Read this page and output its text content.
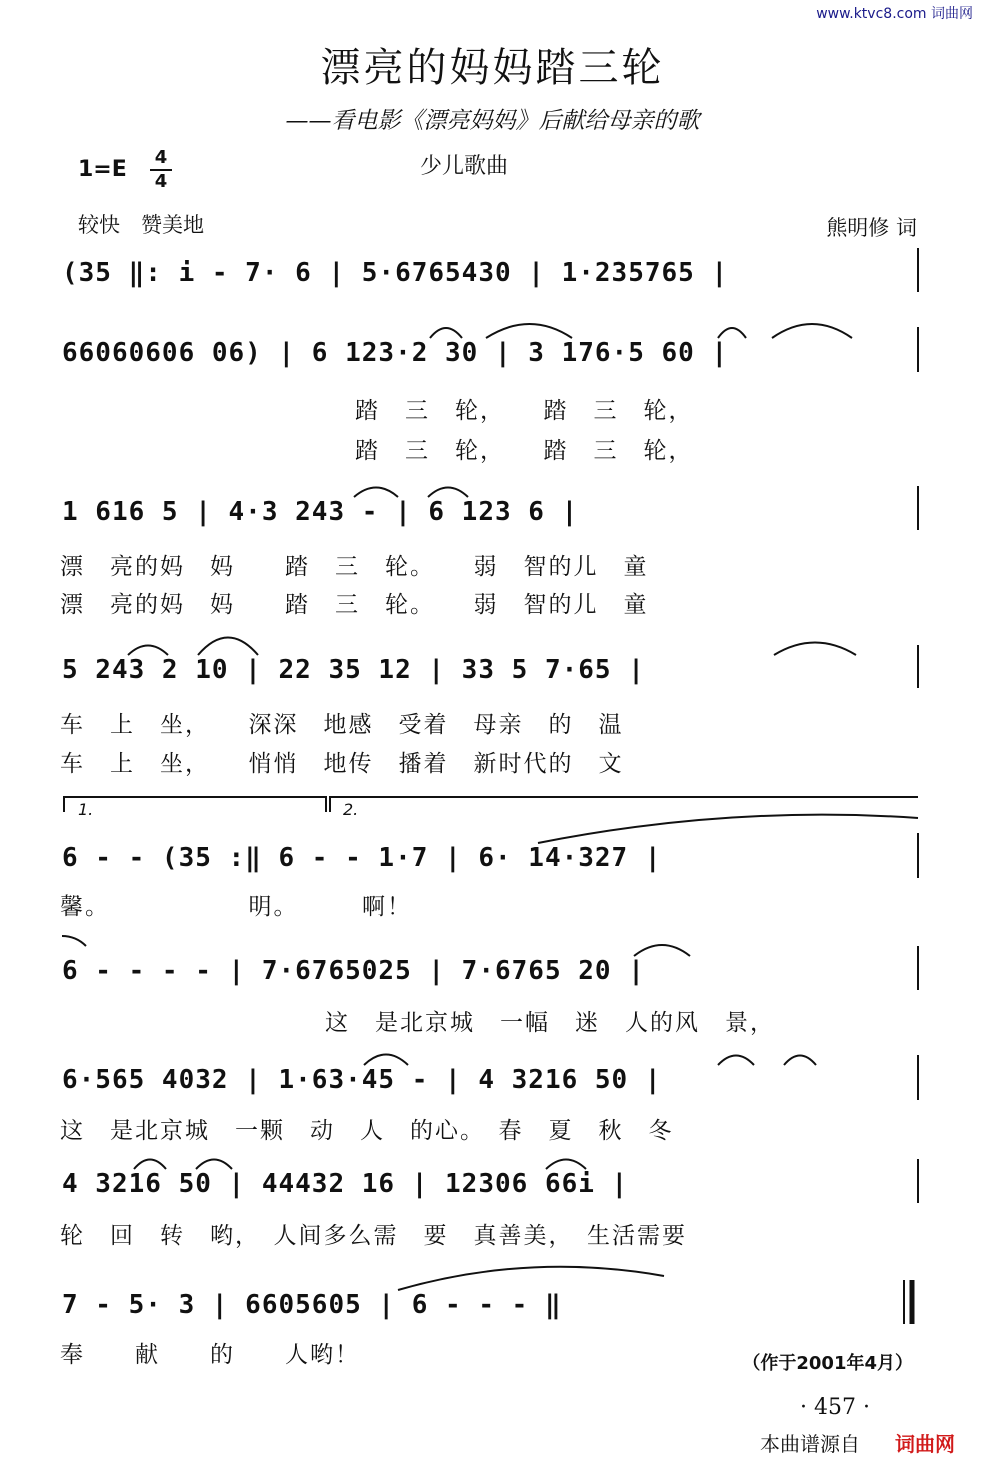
www.ktvc8.com 词曲网
漂亮的妈妈踏三轮
——看电影《漂亮妈妈》后献给母亲的歌
少儿歌曲
1=E 4
4
较快　赞美地	熊明修 词
(35 ‖: i - 7· 6 | 5·6765430 | 1·235765 |
66060606 06) | 6 123·2 30 | 3 176·5 60 |
踏　三　轮，　　踏　三　轮，
踏　三　轮，　　踏　三　轮，
1 616 5 | 4·3 243 - | 6 123 6 |
漂　亮的妈　妈　　踏　三　轮。　　弱　智的儿　童
漂　亮的妈　妈　　踏　三　轮。　　弱　智的儿　童
5 243 2 10 | 22 35 12 | 33 5 7·65 |
车　上　坐，　　深深　地感　受着　母亲　的　温
车　上　坐，　　悄悄　地传　播着　新时代的　文
1.	2.
6 - - (35 :‖ 6 - - 1·7 | 6· 14·327 |
馨。　　　　　　明。　　　啊！
6 - - - - | 7·6765025 | 7·6765 20 |
这　是北京城　一幅　迷　人的风　景，
6·565 4032 | 1·63·45 - | 4 3216 50 |
这　是北京城　一颗　动　人　的心。　春　夏　秋　冬
4 3216 50 | 44432 16 | 12306 66i |
轮　回　转　哟，　人间多么需　要　真善美，　生活需要
7 - 5· 3 | 6605605 | 6 - - - ‖
奉　　献　　的　　人哟！	（作于2001年4月）
· 457 ·
本曲谱源自 词曲网
